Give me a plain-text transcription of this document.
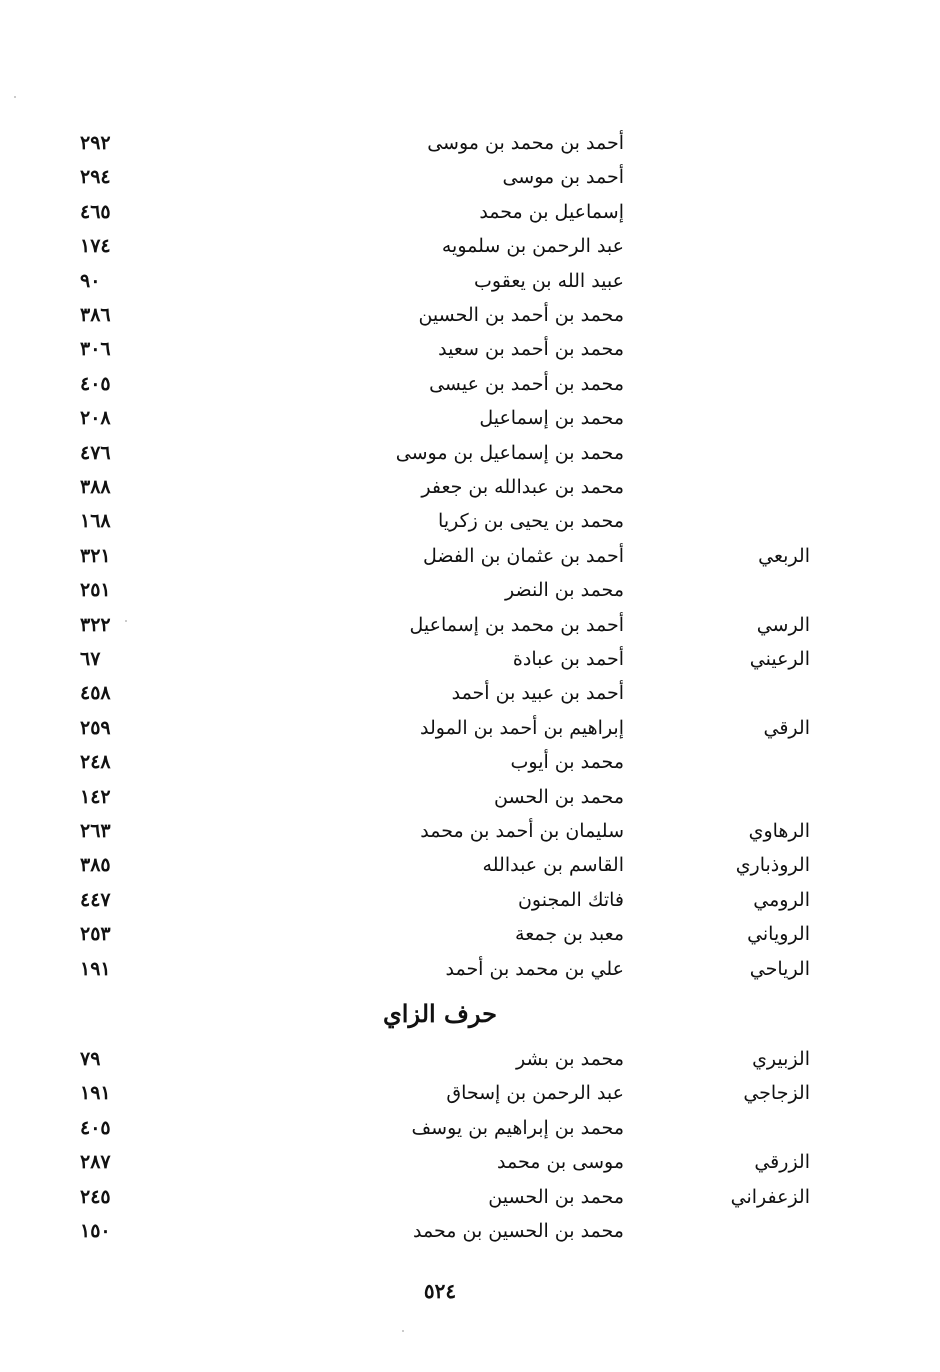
أحمد بن محمد بن موسى
٢٩٢
أحمد بن موسى
٢٩٤
إسماعيل بن محمد
٤٦٥
عبد الرحمن بن سلمويه
١٧٤
عبيد الله بن يعقوب
٩٠
محمد بن أحمد بن الحسين
٣٨٦
محمد بن أحمد بن سعيد
٣٠٦
محمد بن أحمد بن عيسى
٤٠٥
محمد بن إسماعيل
٢٠٨
محمد بن إسماعيل بن موسى
٤٧٦
محمد بن عبدالله بن جعفر
٣٨٨
محمد بن يحيى بن زكريا
١٦٨
الربعي
أحمد بن عثمان بن الفضل
٣٢١
محمد بن النضر
٢٥١
الرسي
أحمد بن محمد بن إسماعيل
٣٢٢
الرعيني
أحمد بن عبادة
٦٧
أحمد بن عبيد بن أحمد
٤٥٨
الرقي
إبراهيم بن أحمد بن المولد
٢٥٩
محمد بن أيوب
٢٤٨
محمد بن الحسن
١٤٢
الرهاوي
سليمان بن أحمد بن محمد
٢٦٣
الروذباري
القاسم بن عبدالله
٣٨٥
الرومي
فاتك المجنون
٤٤٧
الروياني
معبد بن جمعة
٢٥٣
الرياحي
علي بن محمد بن أحمد
١٩١
حرف الزاي
الزبيري
محمد بن بشر
٧٩
الزجاجي
عبد الرحمن بن إسحاق
١٩١
محمد بن إبراهيم بن يوسف
٤٠٥
الزرقي
موسى بن محمد
٢٨٧
الزعفراني
محمد بن الحسين
٢٤٥
محمد بن الحسين بن محمد
١٥٠
٥٢٤
